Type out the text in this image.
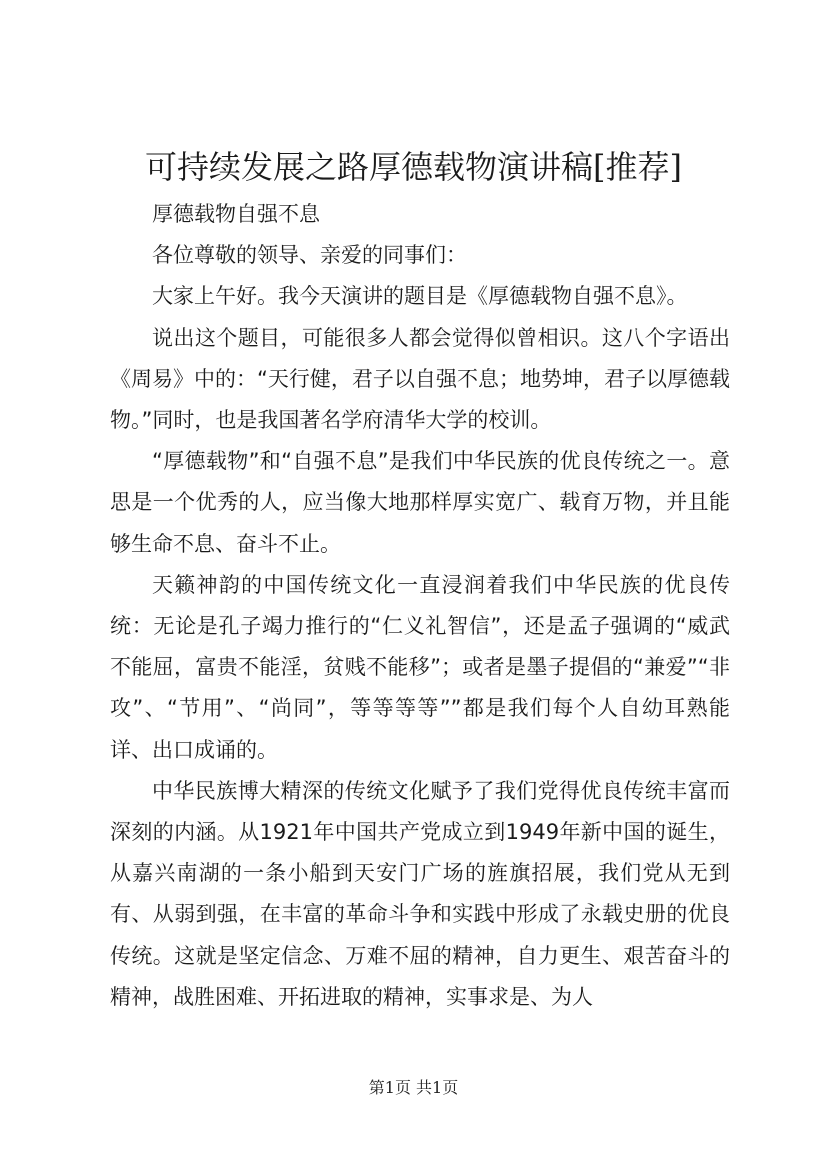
可持续发展之路厚德载物演讲稿[推荐]

厚德载物自强不息

各位尊敬的领导、亲爱的同事们：

大家上午好。我今天演讲的题目是《厚德载物自强不息》。

说出这个题目，可能很多人都会觉得似曾相识。这八个字语出《周易》中的：“天行健，君子以自强不息；地势坤，君子以厚德载物。”同时，也是我国著名学府清华大学的校训。

“厚德载物”和“自强不息”是我们中华民族的优良传统之一。意思是一个优秀的人，应当像大地那样厚实宽广、载育万物，并且能够生命不息、奋斗不止。

天籁神韵的中国传统文化一直浸润着我们中华民族的优良传统：无论是孔子竭力推行的“仁义礼智信”，还是孟子强调的“威武不能屈，富贵不能淫，贫贱不能移”；或者是墨子提倡的“兼爱”“非攻”、“节用”、“尚同”，等等等等””都是我们每个人自幼耳熟能详、出口成诵的。

中华民族博大精深的传统文化赋予了我们党得优良传统丰富而深刻的内涵。从1921年中国共产党成立到1949年新中国的诞生，从嘉兴南湖的一条小船到天安门广场的旌旗招展，我们党从无到有、从弱到强，在丰富的革命斗争和实践中形成了永载史册的优良传统。这就是坚定信念、万难不屈的精神，自力更生、艰苦奋斗的精神，战胜困难、开拓进取的精神，实事求是、为人

第1页 共1页
